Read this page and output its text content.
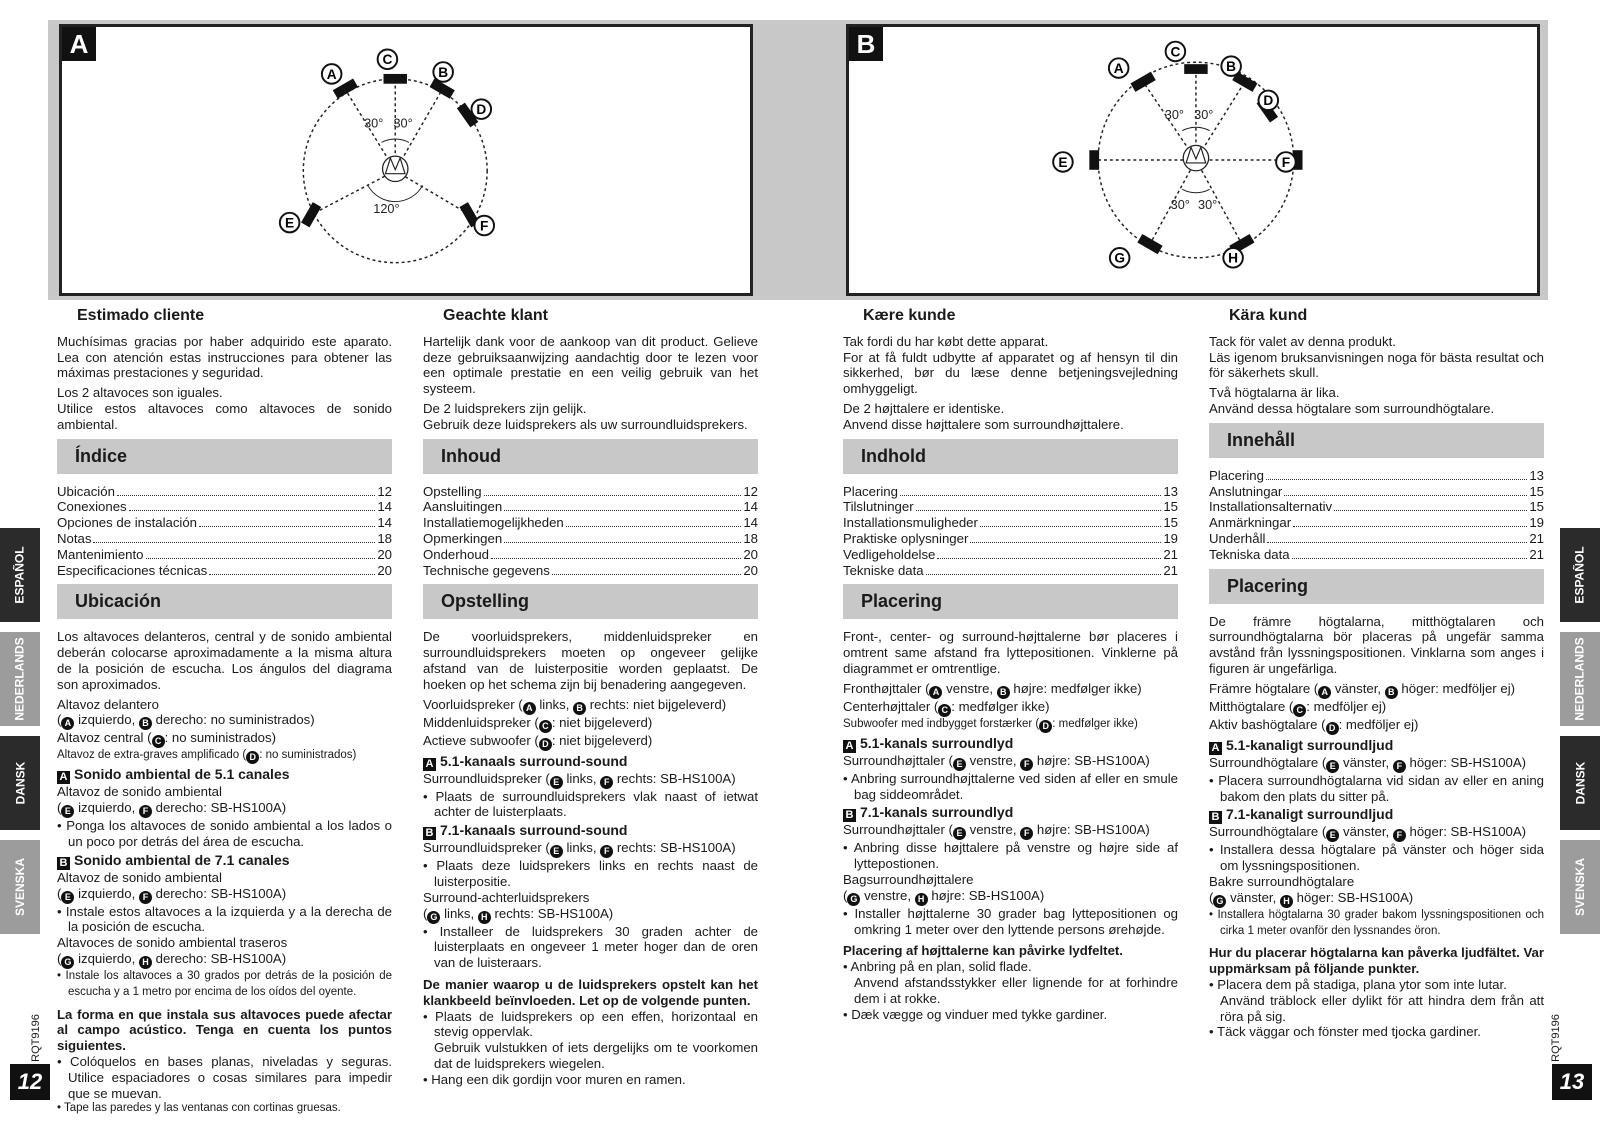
A
30° 30°
120°
A	B
C
D
E	F
B
30° 30°
30° 30°
A	B
C
D
E	F
G	H
ESPAÑOL
NEDERLANDS
DANSK
SVENSKA
ESPAÑOL
NEDERLANDS
DANSK
SVENSKA
RQT9196	RQT9196
12	13

Estimado cliente

Muchísimas gracias por haber adquirido este aparato. Lea con atención estas instrucciones para obtener las máximas prestaciones y seguridad.

Los 2 altavoces son iguales.

Utilice estos altavoces como altavoces de sonido ambiental.

Índice
Ubicación	12
Conexiones	14
Opciones de instalación	14
Notas	18
Mantenimiento	20
Especificaciones técnicas	20
Ubicación

Los altavoces delanteros, central y de sonido ambiental deberán colocarse aproximadamente a la misma altura de la posición de escucha. Los ángulos del diagrama son aproximados.

Altavoz delantero

( A izquierdo, B derecho: no suministrados)

Altavoz central ( C : no suministrados)

Altavoz de extra-graves amplificado ( D : no suministrados)

A Sonido ambiental de 5.1 canales

Altavoz de sonido ambiental

( E izquierdo, F derecho: SB-HS100A)

• Ponga los altavoces de sonido ambiental a los lados o un poco por detrás del área de escucha.

B Sonido ambiental de 7.1 canales

Altavoz de sonido ambiental

( E izquierdo, F derecho: SB-HS100A)

• Instale estos altavoces a la izquierda y a la derecha de la posición de escucha.

Altavoces de sonido ambiental traseros

( G izquierdo, H derecho: SB-HS100A)

• Instale los altavoces a 30 grados por detrás de la posición de escucha y a 1 metro por encima de los oídos del oyente.

La forma en que instala sus altavoces puede afectar al campo acústico. Tenga en cuenta los puntos siguientes.

• Colóquelos en bases planas, niveladas y seguras. Utilice espaciadores o cosas similares para impedir que se muevan.

• Tape las paredes y las ventanas con cortinas gruesas.

Geachte klant

Hartelijk dank voor de aankoop van dit product. Gelieve deze gebruiksaanwijzing aandachtig door te lezen voor een optimale prestatie en een veilig gebruik van het systeem.

De 2 luidsprekers zijn gelijk.

Gebruik deze luidsprekers als uw surroundluidsprekers.

Inhoud
Opstelling	12
Aansluitingen	14
Installatiemogelijkheden	14
Opmerkingen	18
Onderhoud	20
Technische gegevens	20
Opstelling

De voorluidsprekers, middenluidspreker en surroundluidsprekers moeten op ongeveer gelijke afstand van de luisterpositie worden geplaatst. De hoeken op het schema zijn bij benadering aangegeven.

Voorluidspreker ( A links, B rechts: niet bijgeleverd)

Middenluidspreker ( C : niet bijgeleverd)

Actieve subwoofer ( D : niet bijgeleverd)

A 5.1-kanaals surround-sound

Surroundluidspreker ( E links, F rechts: SB-HS100A)

• Plaats de surroundluidsprekers vlak naast of ietwat achter de luisterplaats.

B 7.1-kanaals surround-sound

Surroundluidspreker ( E links, F rechts: SB-HS100A)

• Plaats deze luidsprekers links en rechts naast de luisterpositie.

Surround-achterluidsprekers

( G links, H rechts: SB-HS100A)

• Installeer de luidsprekers 30 graden achter de luisterplaats en ongeveer 1 meter hoger dan de oren van de luisteraars.

De manier waarop u de luidsprekers opstelt kan het klankbeeld beïnvloeden. Let op de volgende punten.

• Plaats de luidsprekers op een effen, horizontaal en stevig oppervlak.

Gebruik vulstukken of iets dergelijks om te voorkomen dat de luidsprekers wiegelen.

• Hang een dik gordijn voor muren en ramen.

Kære kunde

Tak fordi du har købt dette apparat.

For at få fuldt udbytte af apparatet og af hensyn til din sikkerhed, bør du læse denne betjeningsvejledning omhyggeligt.

De 2 højttalere er identiske.

Anvend disse højttalere som surroundhøjttalere.

Indhold
Placering	13
Tilslutninger	15
Installationsmuligheder	15
Praktiske oplysninger	19
Vedligeholdelse	21
Tekniske data	21
Placering

Front-, center- og surround-højttalerne bør placeres i omtrent same afstand fra lyttepositionen. Vinklerne på diagrammet er omtrentlige.

Fronthøjttaler ( A venstre, B højre: medfølger ikke)

Centerhøjttaler ( C : medfølger ikke)

Subwoofer med indbygget forstærker ( D : medfølger ikke)

A 5.1-kanals surroundlyd

Surroundhøjttaler ( E venstre, F højre: SB-HS100A)

• Anbring surroundhøjttalerne ved siden af eller en smule bag siddeområdet.

B 7.1-kanals surroundlyd

Surroundhøjttaler ( E venstre, F højre: SB-HS100A)

• Anbring disse højttalere på venstre og højre side af lyttepostionen.

Bagsurroundhøjttalere

( G venstre, H højre: SB-HS100A)

• Installer højttalerne 30 grader bag lyttepositionen og omkring 1 meter over den lyttende persons ørehøjde.

Placering af højttalerne kan påvirke lydfeltet.

• Anbring på en plan, solid flade.

Anvend afstandsstykker eller lignende for at forhindre dem i at rokke.

• Dæk vægge og vinduer med tykke gardiner.

Kära kund

Tack för valet av denna produkt.

Läs igenom bruksanvisningen noga för bästa resultat och för säkerhets skull.

Två högtalarna är lika.

Använd dessa högtalare som surroundhögtalare.

Innehåll
Placering	13
Anslutningar	15
Installationsalternativ	15
Anmärkningar	19
Underhåll	21
Tekniska data	21
Placering

De främre högtalarna, mitthögtalaren och surroundhögtalarna bör placeras på ungefär samma avstånd från lyssningspositionen. Vinklarna som anges i figuren är ungefärliga.

Främre högtalare ( A vänster, B höger: medföljer ej)

Mitthögtalare ( C : medföljer ej)

Aktiv bashögtalare ( D : medföljer ej)

A 5.1-kanaligt surroundljud

Surroundhögtalare ( E vänster, F höger: SB-HS100A)

• Placera surroundhögtalarna vid sidan av eller en aning bakom den plats du sitter på.

B 7.1-kanaligt surroundljud

Surroundhögtalare ( E vänster, F höger: SB-HS100A)

• Installera dessa högtalare på vänster och höger sida om lyssningspositionen.

Bakre surroundhögtalare

( G vänster, H höger: SB-HS100A)

• Installera högtalarna 30 grader bakom lyssningspositionen och cirka 1 meter ovanför den lyssnandes öron.

Hur du placerar högtalarna kan påverka ljudfältet. Var uppmärksam på följande punkter.

• Placera dem på stadiga, plana ytor som inte lutar.

Använd träblock eller dylikt för att hindra dem från att röra på sig.

• Täck väggar och fönster med tjocka gardiner.
